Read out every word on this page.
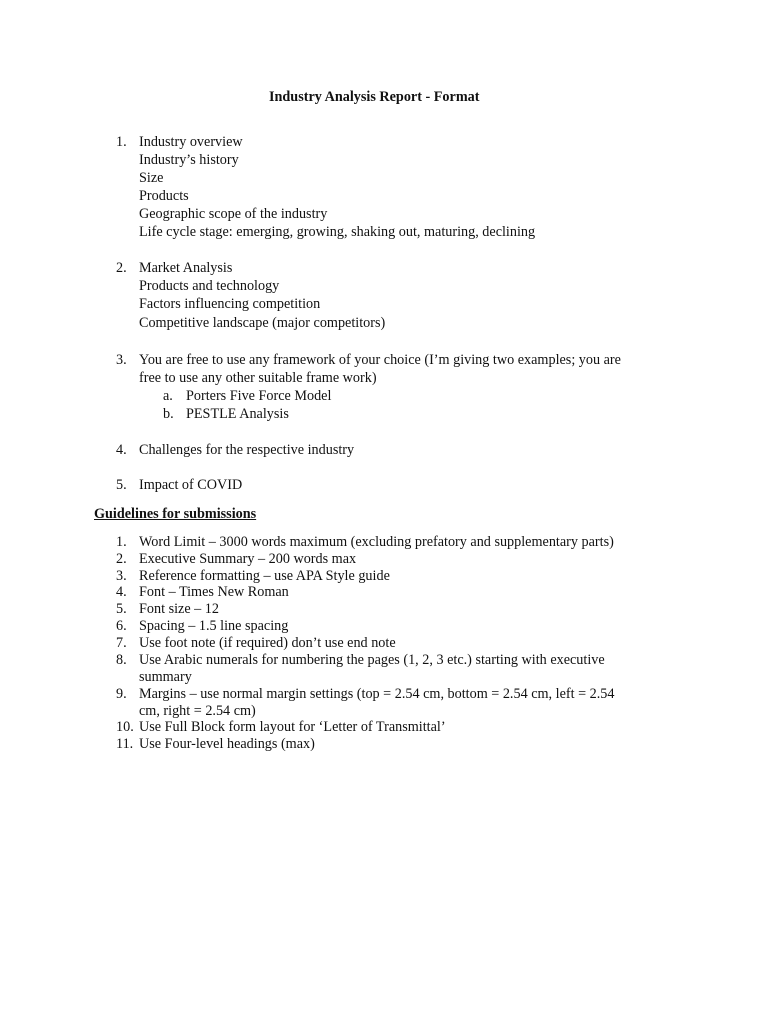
Industry Analysis Report - Format
1. Industry overview
Industry’s history
Size
Products
Geographic scope of the industry
Life cycle stage: emerging, growing, shaking out, maturing, declining
2. Market Analysis
Products and technology
Factors influencing competition
Competitive landscape (major competitors)
3. You are free to use any framework of your choice (I’m giving two examples; you are
free to use any other suitable frame work)
a. Porters Five Force Model
b. PESTLE Analysis
4. Challenges for the respective industry
5. Impact of COVID
Guidelines for submissions
1. Word Limit – 3000 words maximum (excluding prefatory and supplementary parts)
2. Executive Summary – 200 words max
3. Reference formatting – use APA Style guide
4. Font – Times New Roman
5. Font size – 12
6. Spacing – 1.5 line spacing
7. Use foot note (if required) don’t use end note
8. Use Arabic numerals for numbering the pages (1, 2, 3 etc.) starting with executive
summary
9. Margins – use normal margin settings (top = 2.54 cm, bottom = 2.54 cm, left = 2.54
cm, right = 2.54 cm)
10. Use Full Block form layout for ‘Letter of Transmittal’
11. Use Four-level headings (max)
